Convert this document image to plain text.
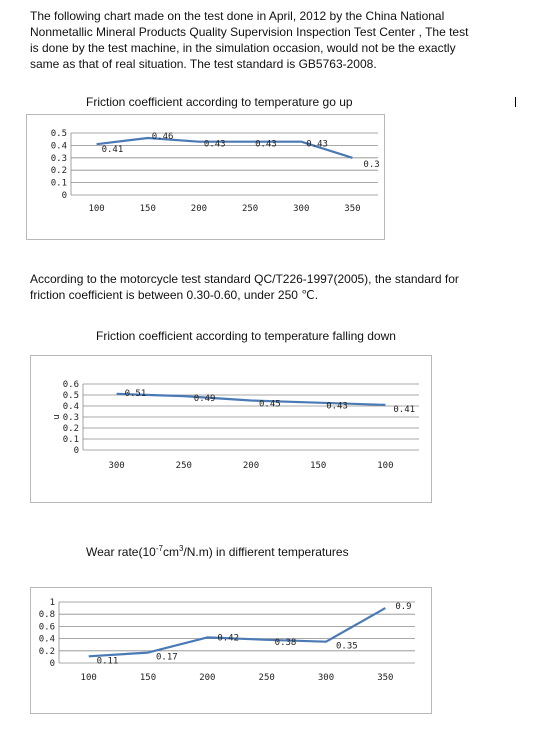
The following chart made on the test done in April, 2012 by the China National Nonmetallic Mineral Products Quality Supervision Inspection Test Center , The test is done by the test machine, in the simulation occasion, would not be the exactly same as that of real situation. The test standard is GB5763-2008.

Friction coefficient according to temperature go up
0
0.1
0.2
0.3
0.4
0.5
100	150	200	250	300	350
0.41
0.46
0.43	0.43	0.43
0.3

According to the motorcycle test standard QC/T226-1997(2005), the standard for friction coefficient is between 0.30-0.60, under 250 ℃.

Friction coefficient according to temperature falling down
0
0.1
0.2
0.3
0.4
0.5
0.6
u
300	250	200	150	100
0.51
0.49
0.45	0.43	0.41
Wear $rate(10^{-7}cm^3/N.m)$ in diffierent temperatures
0
0.2
0.4
0.6
0.8
1
100	150	200	250	300	350
0.11	0.17
0.42	0.38	0.35
0.9
